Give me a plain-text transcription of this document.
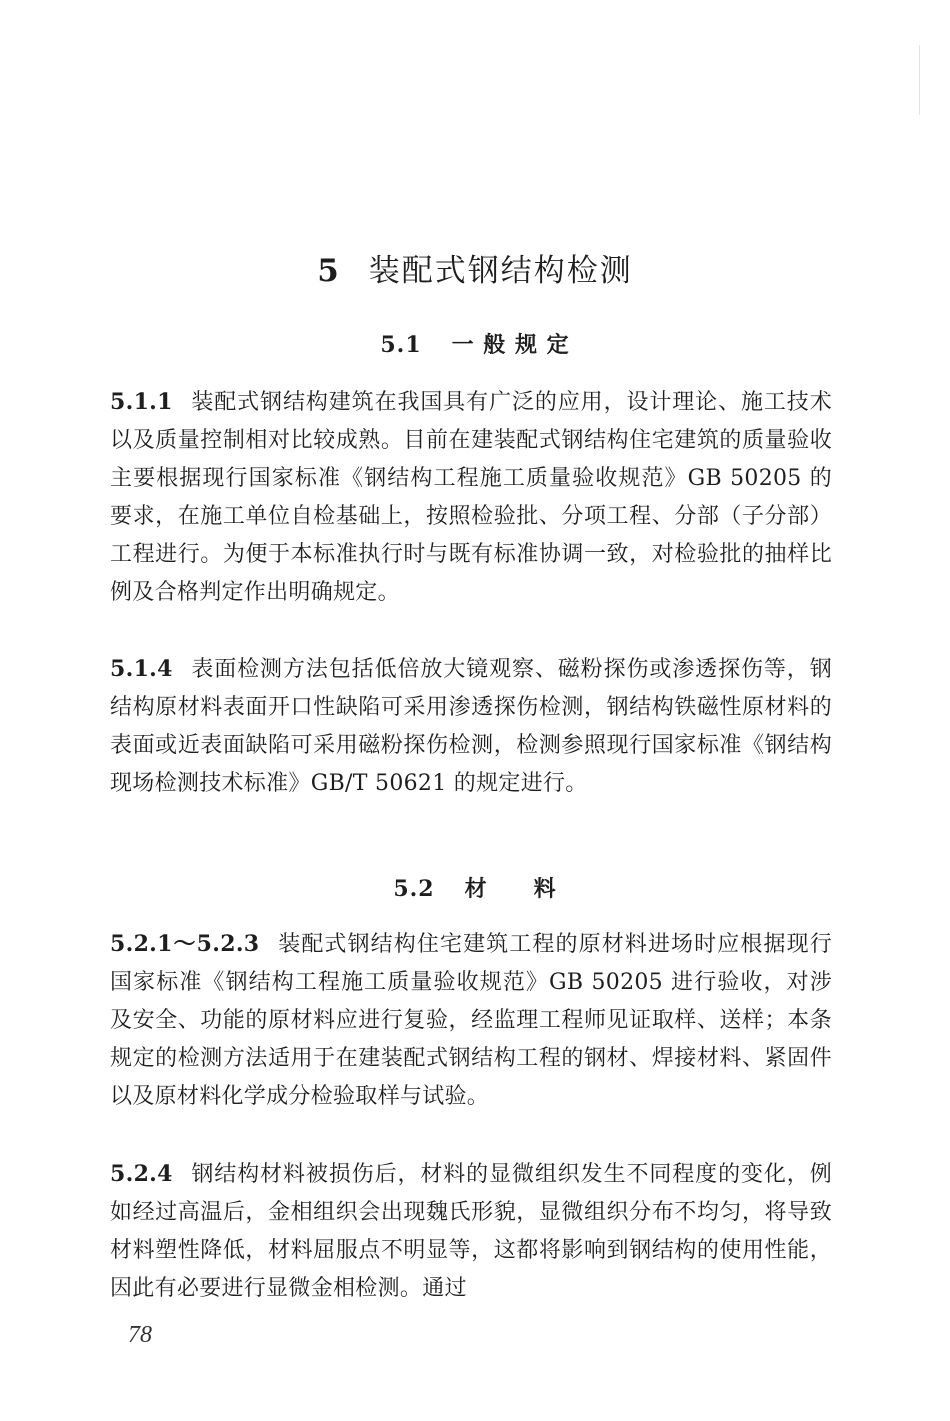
5 装配式钢结构检测
5.1 一 般 规 定
5.1.1 装配式钢结构建筑在我国具有广泛的应用，设计理论、施工技术以及质量控制相对比较成熟。目前在建装配式钢结构住宅建筑的质量验收主要根据现行国家标准《钢结构工程施工质量验收规范》GB 50205 的要求，在施工单位自检基础上，按照检验批、分项工程、分部（子分部）工程进行。为便于本标准执行时与既有标准协调一致，对检验批的抽样比例及合格判定作出明确规定。
5.1.4 表面检测方法包括低倍放大镜观察、磁粉探伤或渗透探伤等，钢结构原材料表面开口性缺陷可采用渗透探伤检测，钢结构铁磁性原材料的表面或近表面缺陷可采用磁粉探伤检测，检测参照现行国家标准《钢结构现场检测技术标准》GB/T 50621 的规定进行。
5.2 材　　料
5.2.1～5.2.3 装配式钢结构住宅建筑工程的原材料进场时应根据现行国家标准《钢结构工程施工质量验收规范》GB 50205 进行验收，对涉及安全、功能的原材料应进行复验，经监理工程师见证取样、送样；本条规定的检测方法适用于在建装配式钢结构工程的钢材、焊接材料、紧固件以及原材料化学成分检验取样与试验。
5.2.4 钢结构材料被损伤后，材料的显微组织发生不同程度的变化，例如经过高温后，金相组织会出现魏氏形貌，显微组织分布不均匀，将导致材料塑性降低，材料屈服点不明显等，这都将影响到钢结构的使用性能，因此有必要进行显微金相检测。通过
78
